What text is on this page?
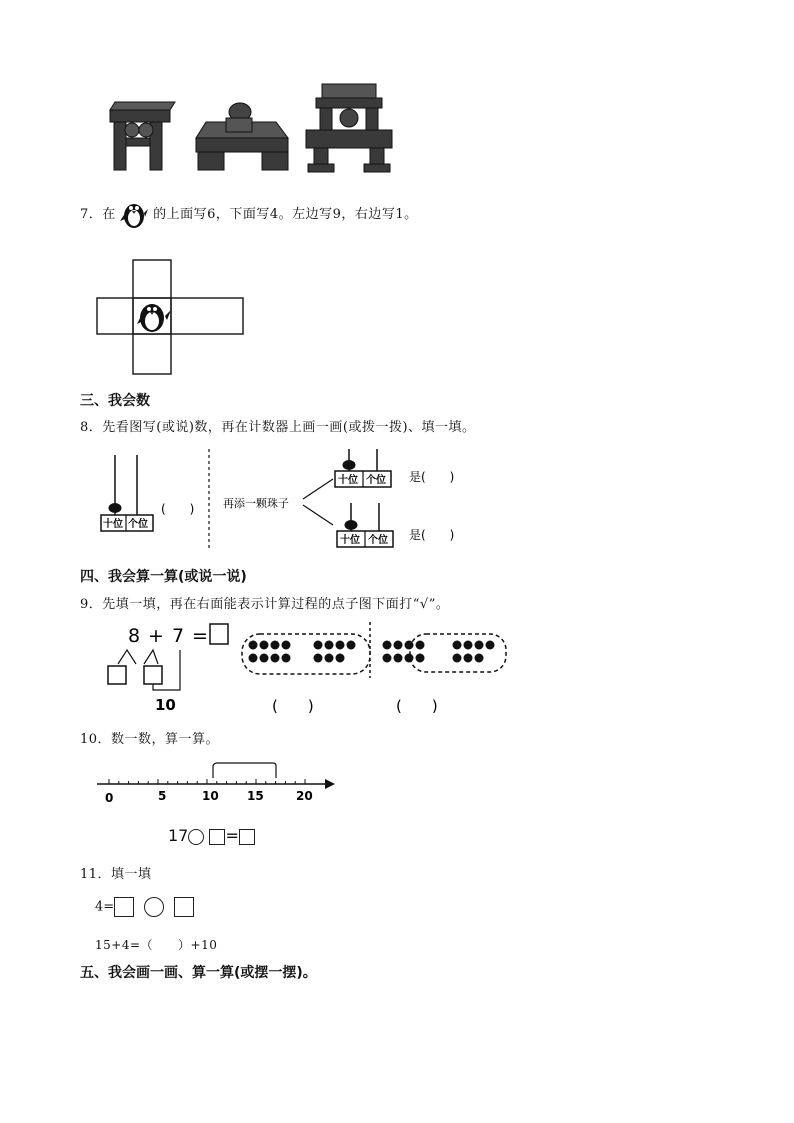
7．在	的上面写6，下面写4。左边写9，右边写1。
三、我会数
8．先看图写(或说)数，再在计数器上画一画(或拨一拨)、填一填。
十位 个位
(　　)	再添一颗珠子
十位 个位 是(　　)
十位 个位 是(　　)
四、我会算一算(或说一说)
9．先填一填，再在右面能表示计算过程的点子图下面打“√”。
8 + 7 =
10	(　　)	(　　)
10．数一数，算一算。
0	5	10 15	20
17 =
11．填一填
4=
15+4=（　　）+10
五、我会画一画、算一算(或摆一摆)。
